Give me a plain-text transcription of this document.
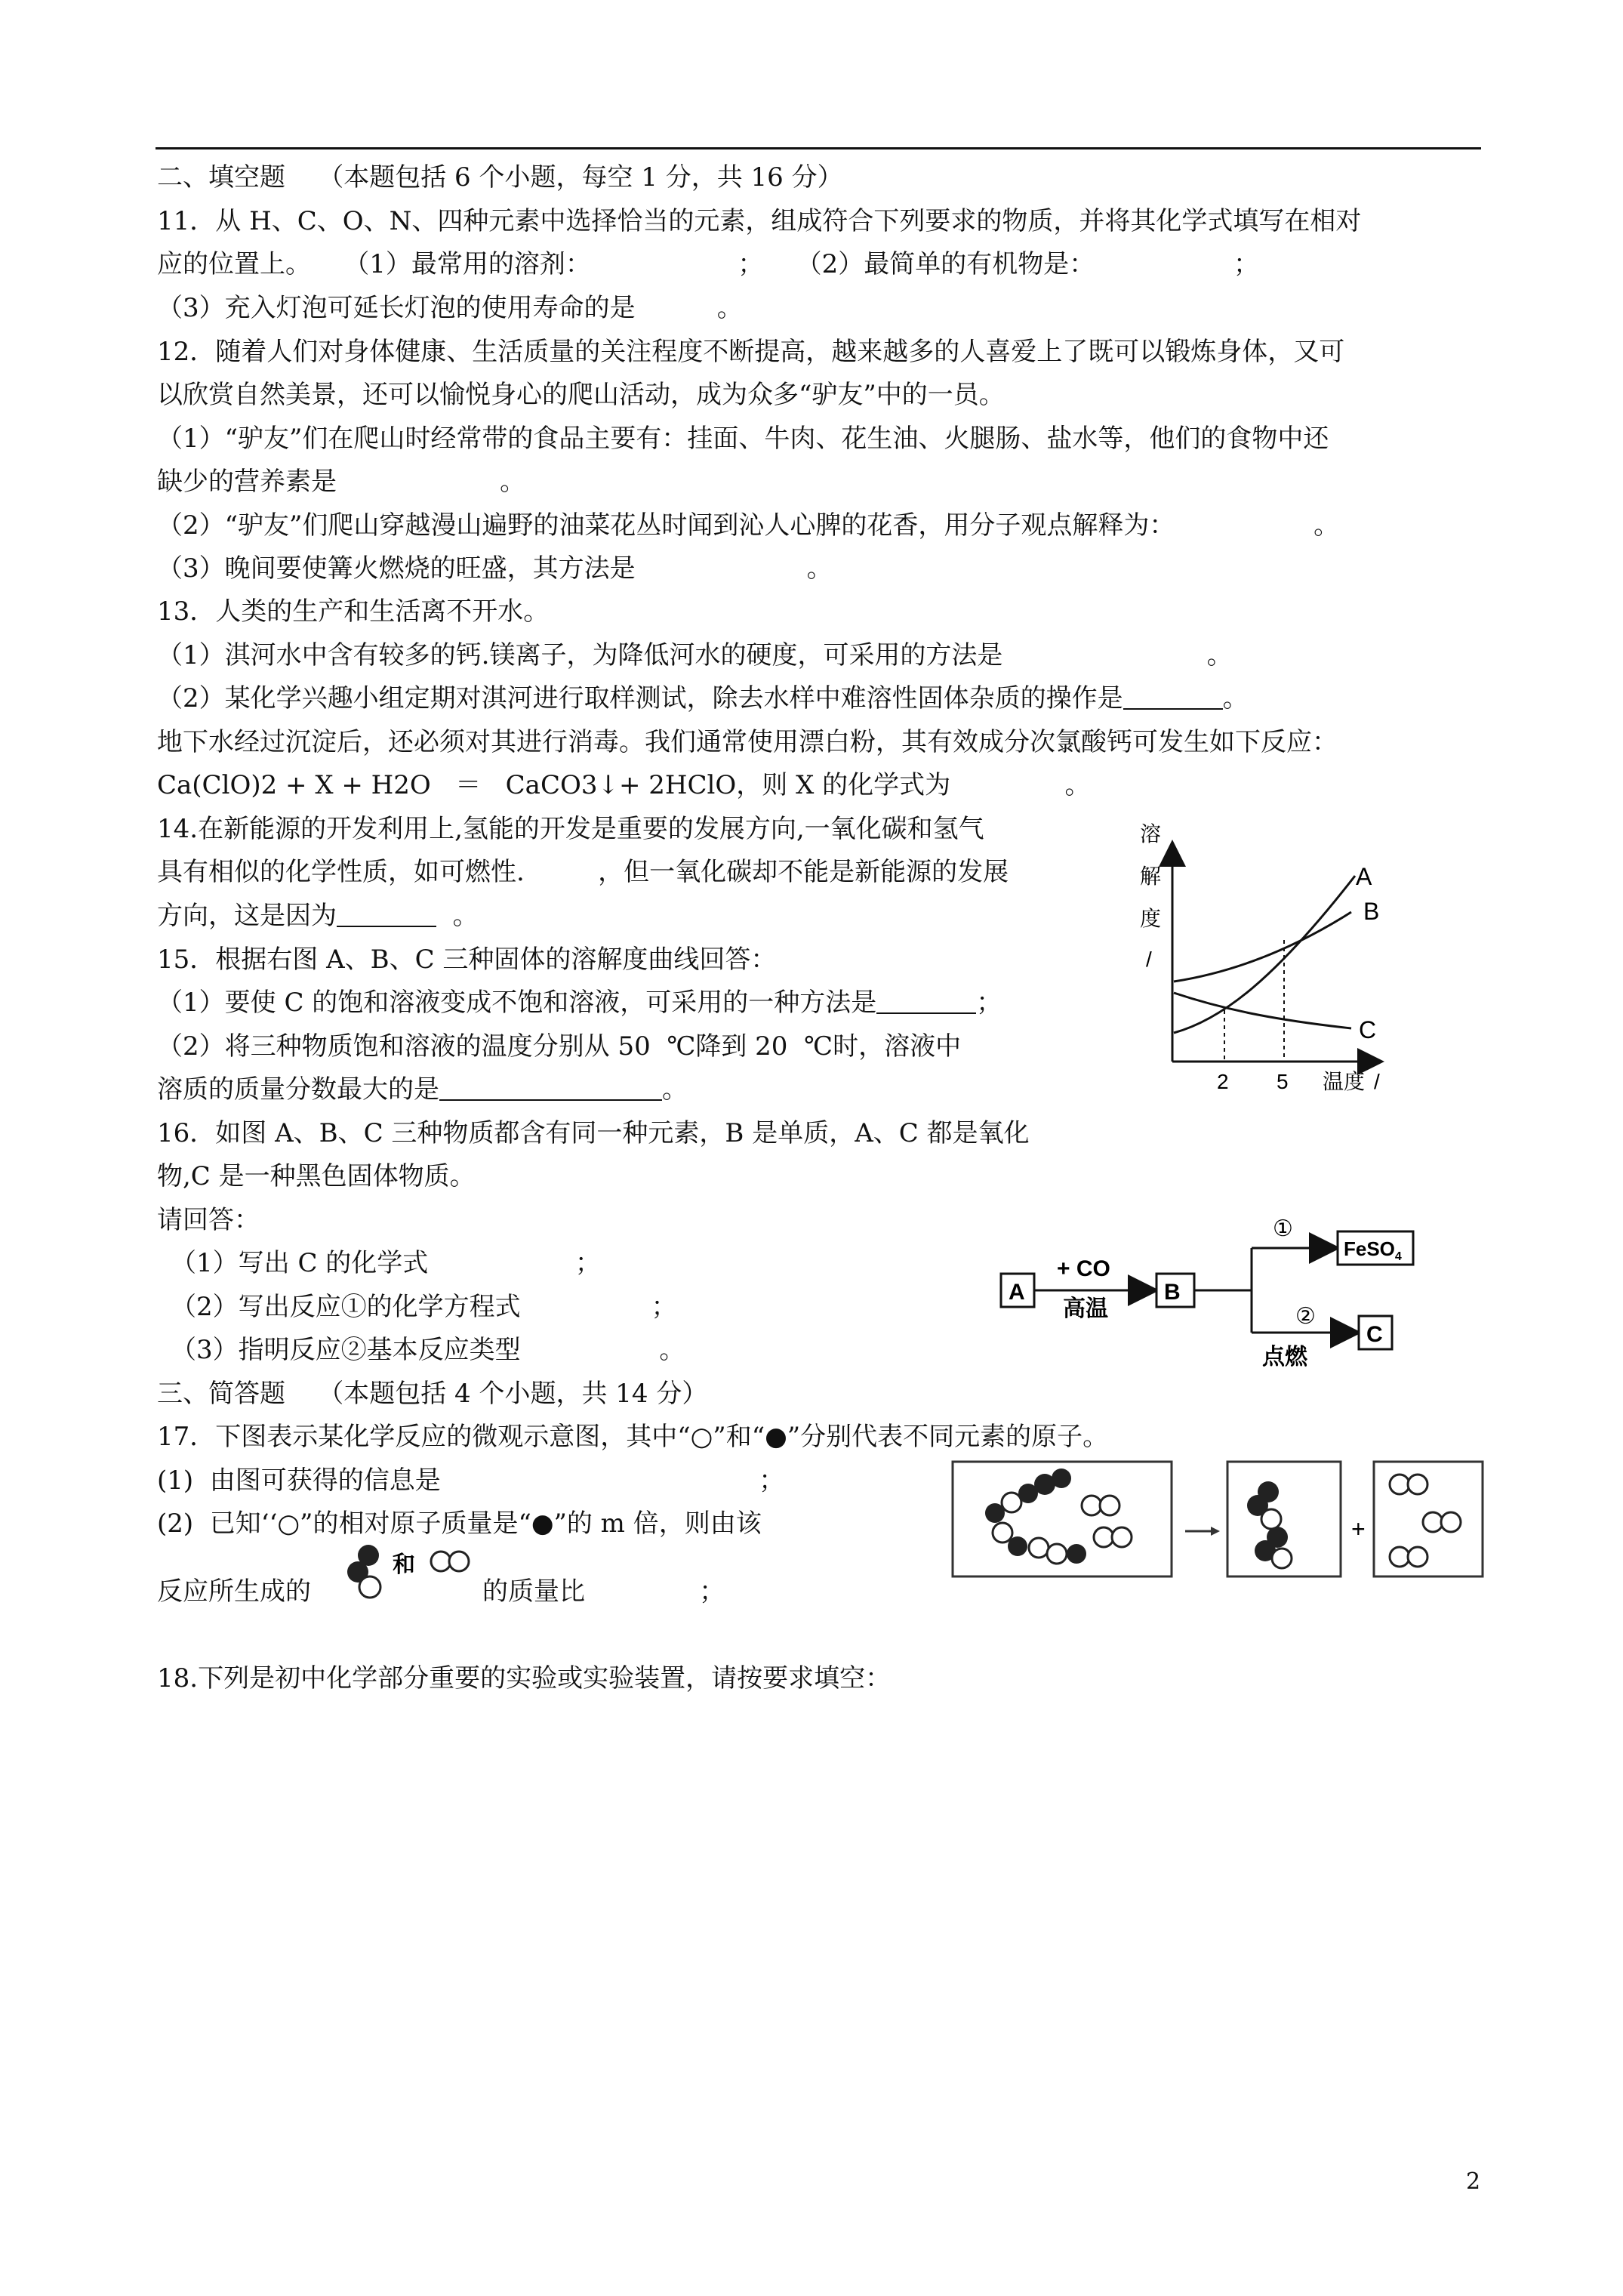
二、填空题 （本题包括 6 个小题，每空 1 分，共 16 分）
11．从 H、C、O、N、四种元素中选择恰当的元素，组成符合下列要求的物质，并将其化学式填写在相对
应的位置上。 （1）最常用的溶剂：	； （2）最简单的有机物是：	；
（3）充入灯泡可延长灯泡的使用寿命的是	。
12．随着人们对身体健康、生活质量的关注程度不断提高，越来越多的人喜爱上了既可以锻炼身体，又可
以欣赏自然美景，还可以愉悦身心的爬山活动，成为众多“驴友”中的一员。
（1）“驴友”们在爬山时经常带的食品主要有：挂面、牛肉、花生油、火腿肠、盐水等，他们的食物中还
缺少的营养素是	。
（2）“驴友”们爬山穿越漫山遍野的油菜花丛时闻到沁人心脾的花香，用分子观点解释为：	。
（3）晚间要使篝火燃烧的旺盛，其方法是	。
13．人类的生产和生活离不开水。
（1）淇河水中含有较多的钙.镁离子，为降低河水的硬度，可采用的方法是	。
（2）某化学兴趣小组定期对淇河进行取样测试，除去水样中难溶性固体杂质的操作是	。
地下水经过沉淀后，还必须对其进行消毒。我们通常使用漂白粉，其有效成分次氯酸钙可发生如下反应：
Ca(ClO)2 + X + H2O ＝ CaCO3↓+ 2HClO，则 X 的化学式为	。
14.在新能源的开发利用上,氢能的开发是重要的发展方向,一氧化碳和氢气
具有相似的化学性质，如可燃性.	，但一氧化碳却不能是新能源的发展
方向，这是因为	。
15．根据右图 A、B、C 三种固体的溶解度曲线回答：
（1）要使 C 的饱和溶液变成不饱和溶液，可采用的一种方法是	；
（2）将三种物质饱和溶液的温度分别从 50  ℃降到 20  ℃时，溶液中
溶质的质量分数最大的是	。
溶
解
度
/
A
B
C
2 5 温度 /
16．如图 A、B、C 三种物质都含有同一种元素，B 是单质，A、C 都是氧化
物,C 是一种黑色固体物质。
请回答：
（1）写出 C 的化学式	；
（2）写出反应①的化学方程式	；
（3）指明反应②基本反应类型	。
A
+ CO
高温
B
①
②
FeSO$_4$
C
点燃
三、简答题 （本题包括 4 个小题，共 14 分）
17．下图表示某化学反应的微观示意图，其中“○”和“●”分别代表不同元素的原子。
(1)  由图可获得的信息是	；
(2)  已知‘‘○”的相对原子质量是“●”的 m 倍，则由该
反应所生成的	的质量比	；
和
+
18.下列是初中化学部分重要的实验或实验装置，请按要求填空：
2
